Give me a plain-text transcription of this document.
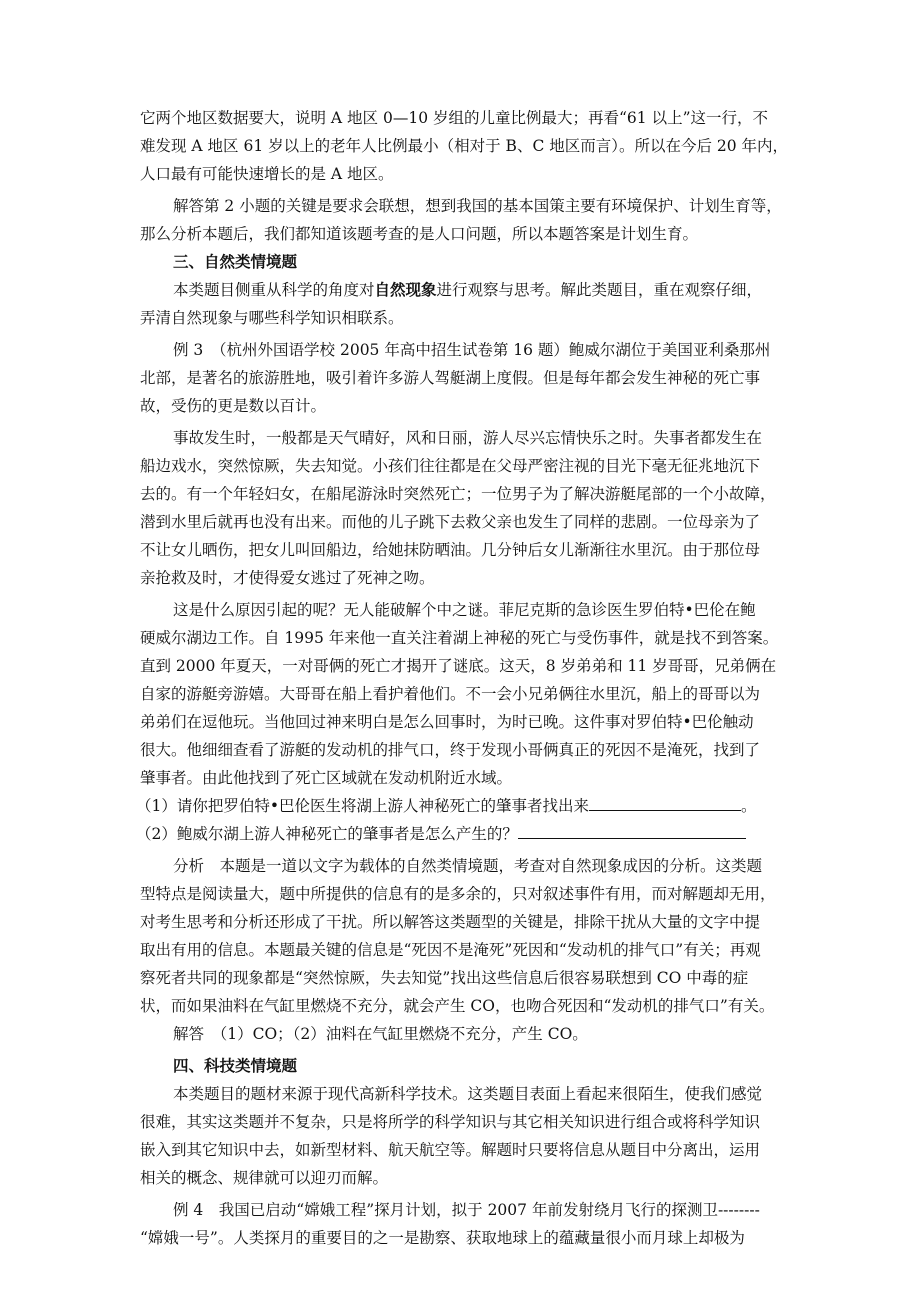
它两个地区数据要大，说明 A 地区 0—10 岁组的儿童比例最大；再看“61 以上”这一行，不
难发现 A 地区 61 岁以上的老年人比例最小（相对于 B、C 地区而言）。所以在今后 20 年内，
人口最有可能快速增长的是 A 地区。
解答第 2 小题的关键是要求会联想，想到我国的基本国策主要有环境保护、计划生育等，
那么分析本题后，我们都知道该题考查的是人口问题，所以本题答案是计划生育。
三、自然类情境题
本类题目侧重从科学的角度对自然现象进行观察与思考。解此类题目，重在观察仔细，
弄清自然现象与哪些科学知识相联系。
例 3　（杭州外国语学校 2005 年高中招生试卷第 16 题）鲍威尔湖位于美国亚利桑那州
北部，是著名的旅游胜地，吸引着许多游人驾艇湖上度假。但是每年都会发生神秘的死亡事
故，受伤的更是数以百计。
事故发生时，一般都是天气晴好，风和日丽，游人尽兴忘情快乐之时。失事者都发生在
船边戏水，突然惊厥，失去知觉。小孩们往往都是在父母严密注视的目光下毫无征兆地沉下
去的。有一个年轻妇女，在船尾游泳时突然死亡；一位男子为了解决游艇尾部的一个小故障，
潜到水里后就再也没有出来。而他的儿子跳下去救父亲也发生了同样的悲剧。一位母亲为了
不让女儿晒伤，把女儿叫回船边，给她抹防晒油。几分钟后女儿渐渐往水里沉。由于那位母
亲抢救及时，才使得爱女逃过了死神之吻。
这是什么原因引起的呢？无人能破解个中之谜。菲尼克斯的急诊医生罗伯特•巴伦在鲍
硬威尔湖边工作。自 1995 年来他一直关注着湖上神秘的死亡与受伤事件，就是找不到答案。
直到 2000 年夏天，一对哥俩的死亡才揭开了谜底。这天，8 岁弟弟和 11 岁哥哥，兄弟俩在
自家的游艇旁游嬉。大哥哥在船上看护着他们。不一会小兄弟俩往水里沉，船上的哥哥以为
弟弟们在逗他玩。当他回过神来明白是怎么回事时，为时已晚。这件事对罗伯特•巴伦触动
很大。他细细查看了游艇的发动机的排气口，终于发现小哥俩真正的死因不是淹死，找到了
肇事者。由此他找到了死亡区域就在发动机附近水域。
（1）请你把罗伯特•巴伦医生将湖上游人神秘死亡的肇事者找出来	。
（2）鲍威尔湖上游人神秘死亡的肇事者是怎么产生的？
分析　本题是一道以文字为载体的自然类情境题，考查对自然现象成因的分析。这类题
型特点是阅读量大，题中所提供的信息有的是多余的，只对叙述事件有用，而对解题却无用，
对考生思考和分析还形成了干扰。所以解答这类题型的关键是，排除干扰从大量的文字中提
取出有用的信息。本题最关键的信息是“死因不是淹死”死因和“发动机的排气口”有关；再观
察死者共同的现象都是“突然惊厥，失去知觉”找出这些信息后很容易联想到 CO 中毒的症
状，而如果油料在气缸里燃烧不充分，就会产生 CO，也吻合死因和“发动机的排气口”有关。
解答　（1）CO；（2）油料在气缸里燃烧不充分，产生 CO。
四、科技类情境题
本类题目的题材来源于现代高新科学技术。这类题目表面上看起来很陌生，使我们感觉
很难，其实这类题并不复杂，只是将所学的科学知识与其它相关知识进行组合或将科学知识
嵌入到其它知识中去，如新型材料、航天航空等。解题时只要将信息从题目中分离出，运用
相关的概念、规律就可以迎刃而解。
例 4　我国已启动“嫦娥工程”探月计划，拟于 2007 年前发射绕月飞行的探测卫--------
“嫦娥一号”。人类探月的重要目的之一是勘察、获取地球上的蕴藏量很小而月球上却极为
